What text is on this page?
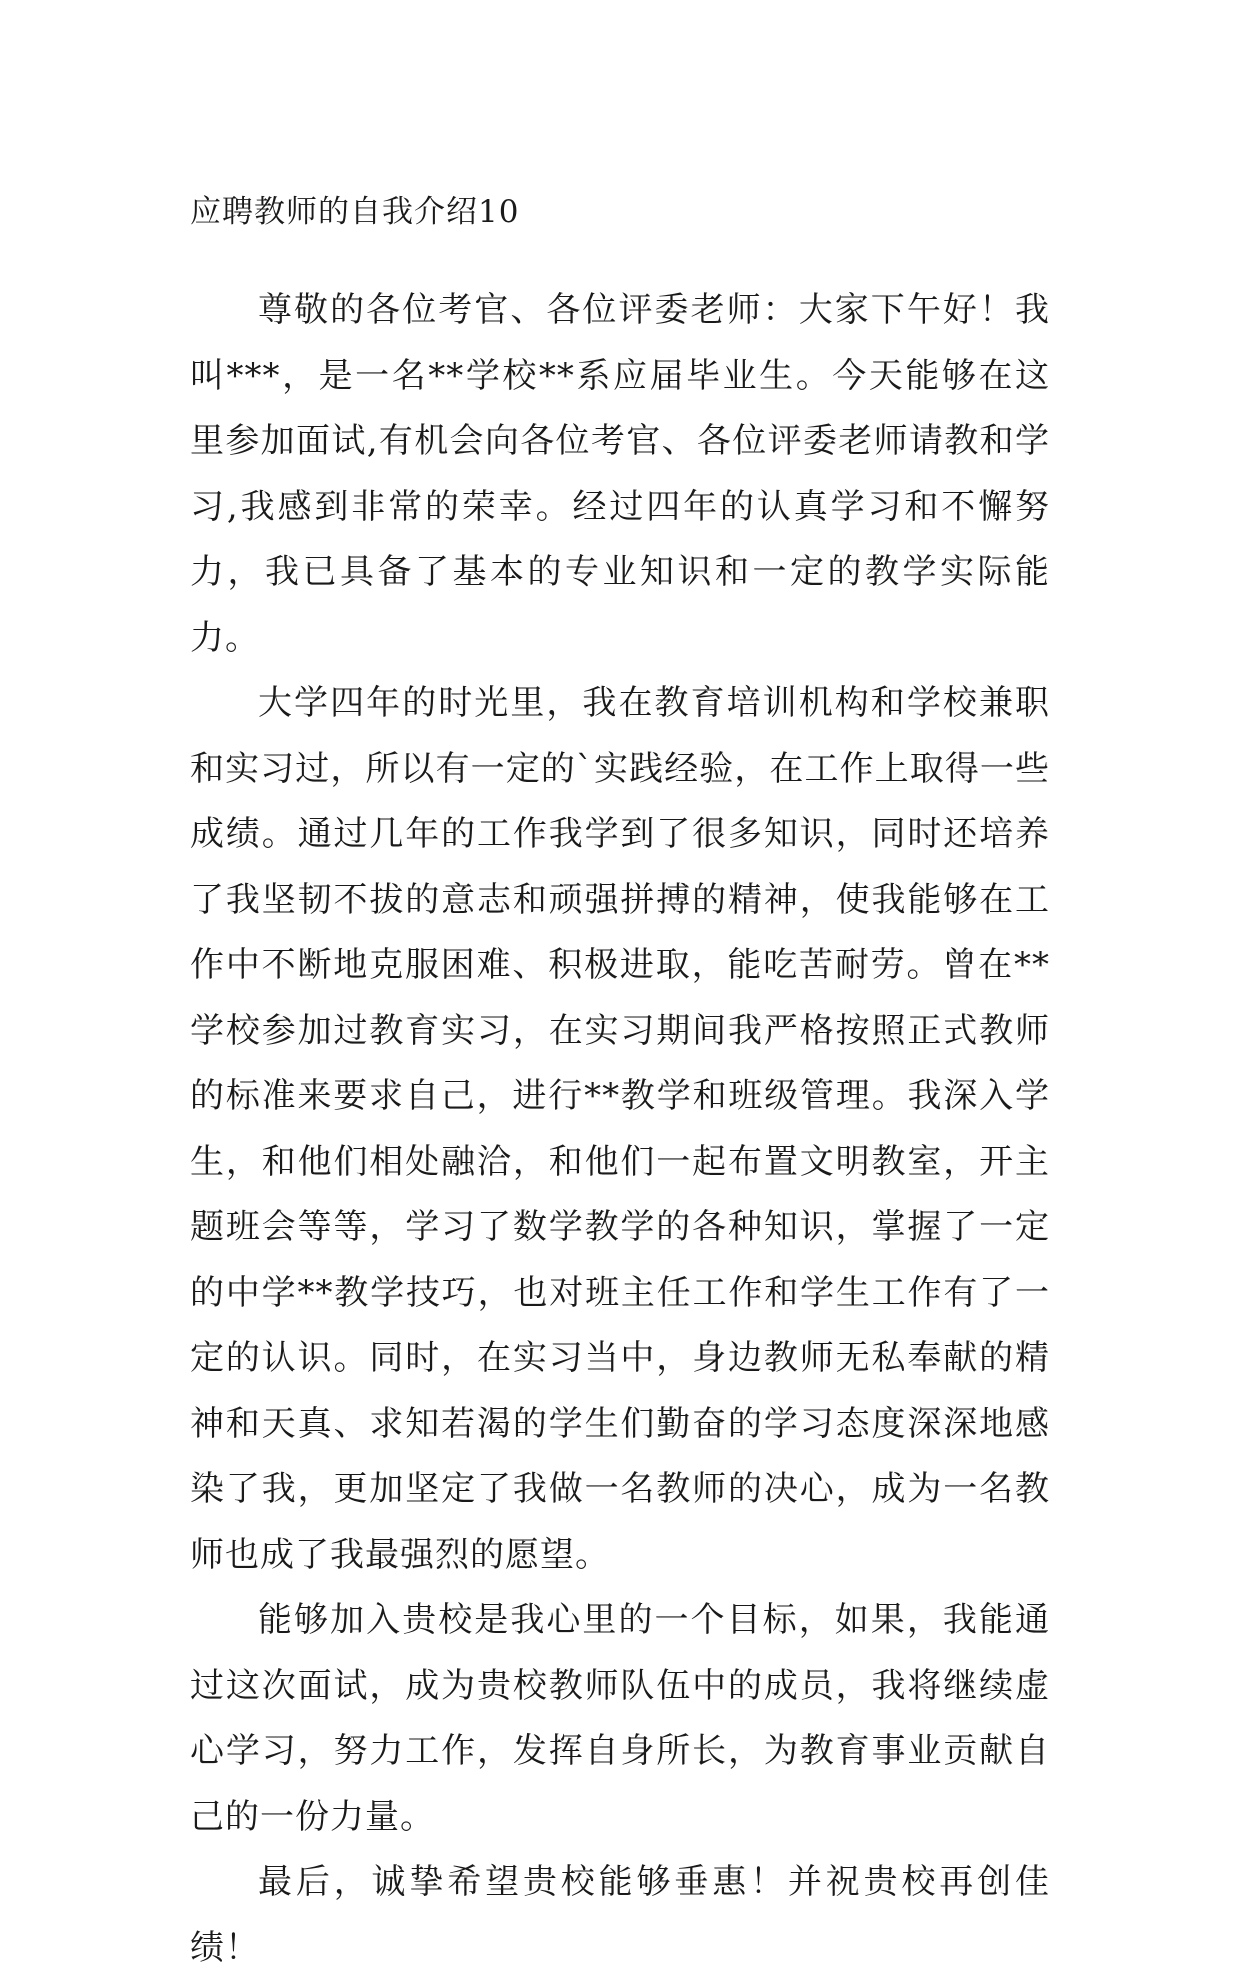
应聘教师的自我介绍10

尊敬的各位考官、各位评委老师：大家下午好！我叫***，是一名**学校**系应届毕业生。今天能够在这里参加面试,有机会向各位考官、各位评委老师请教和学习,我感到非常的荣幸。经过四年的认真学习和不懈努力，我已具备了基本的专业知识和一定的教学实际能力。

大学四年的时光里，我在教育培训机构和学校兼职和实习过，所以有一定的`实践经验，在工作上取得一些成绩。通过几年的工作我学到了很多知识，同时还培养了我坚韧不拔的意志和顽强拼搏的精神，使我能够在工作中不断地克服困难、积极进取，能吃苦耐劳。曾在**学校参加过教育实习，在实习期间我严格按照正式教师的标准来要求自己，进行**教学和班级管理。我深入学生，和他们相处融洽，和他们一起布置文明教室，开主题班会等等，学习了数学教学的各种知识，掌握了一定的中学**教学技巧，也对班主任工作和学生工作有了一定的认识。同时，在实习当中，身边教师无私奉献的精神和天真、求知若渴的学生们勤奋的学习态度深深地感染了我，更加坚定了我做一名教师的决心，成为一名教师也成了我最强烈的愿望。

能够加入贵校是我心里的一个目标，如果，我能通过这次面试，成为贵校教师队伍中的成员，我将继续虚心学习，努力工作，发挥自身所长，为教育事业贡献自己的一份力量。

最后，诚挚希望贵校能够垂惠！并祝贵校再创佳绩！
